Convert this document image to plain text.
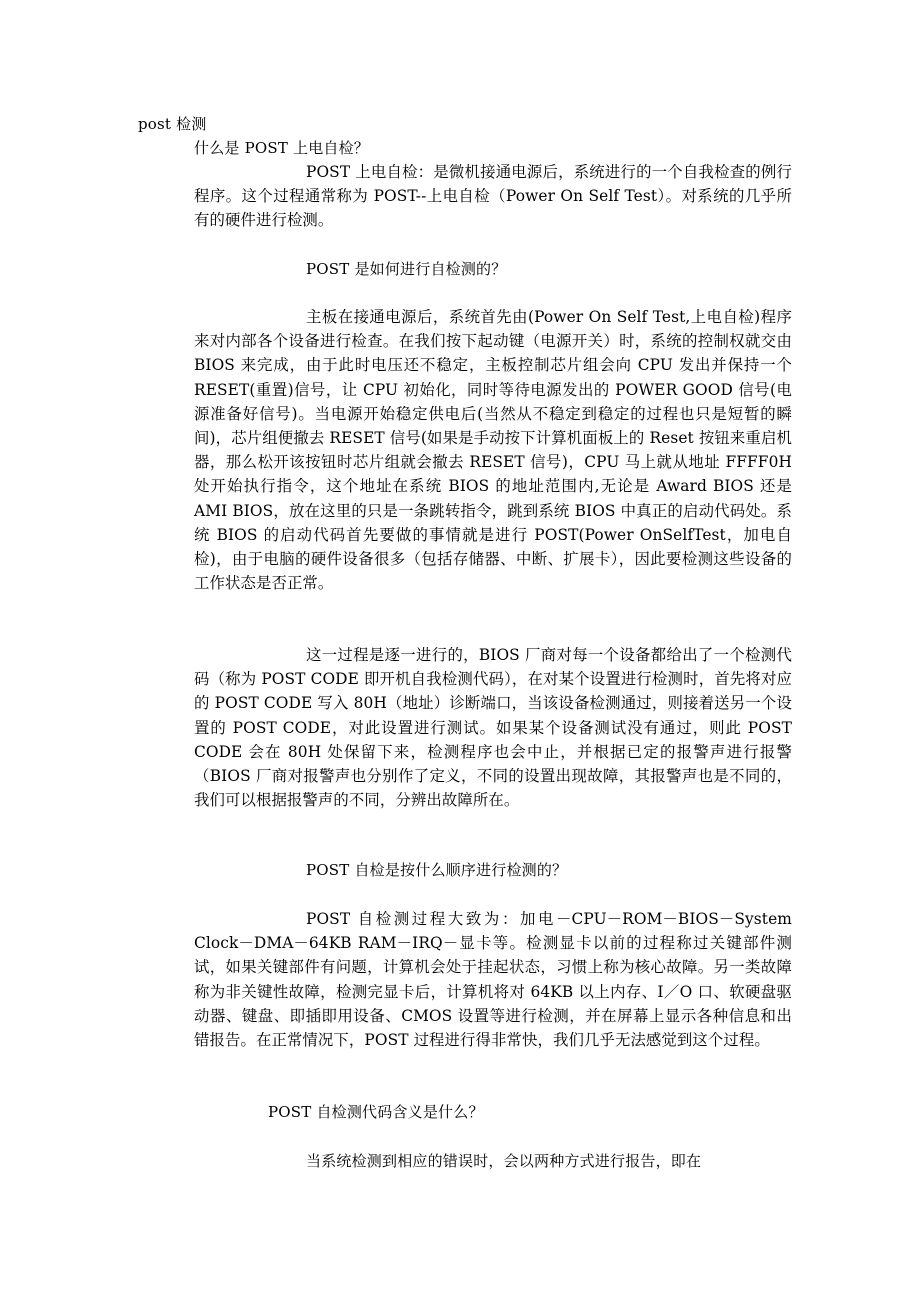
post 检测
什么是 POST 上电自检？
POST 上电自检：是微机接通电源后，系统进行的一个自我检查的例行程序。这个过程通常称为 POST--上电自检（Power On Self Test）。对系统的几乎所有的硬件进行检测。
POST 是如何进行自检测的？
主板在接通电源后，系统首先由(Power On Self Test,上电自检)程序来对内部各个设备进行检查。在我们按下起动键（电源开关）时，系统的控制权就交由 BIOS 来完成，由于此时电压还不稳定，主板控制芯片组会向 CPU 发出并保持一个 RESET(重置)信号，让 CPU 初始化，同时等待电源发出的 POWER GOOD 信号(电源准备好信号)。当电源开始稳定供电后(当然从不稳定到稳定的过程也只是短暂的瞬间)，芯片组便撤去 RESET 信号(如果是手动按下计算机面板上的 Reset 按钮来重启机器，那么松开该按钮时芯片组就会撤去 RESET 信号)，CPU 马上就从地址 FFFF0H 处开始执行指令，这个地址在系统 BIOS 的地址范围内,无论是 Award BIOS 还是 AMI BIOS，放在这里的只是一条跳转指令，跳到系统 BIOS 中真正的启动代码处。系统 BIOS 的启动代码首先要做的事情就是进行 POST(Power OnSelfTest，加电自检)，由于电脑的硬件设备很多（包括存储器、中断、扩展卡），因此要检测这些设备的工作状态是否正常。
这一过程是逐一进行的，BIOS 厂商对每一个设备都给出了一个检测代码（称为 POST CODE 即开机自我检测代码），在对某个设置进行检测时，首先将对应的 POST CODE 写入 80H（地址）诊断端口，当该设备检测通过，则接着送另一个设置的 POST CODE，对此设置进行测试。如果某个设备测试没有通过，则此 POST CODE 会在 80H 处保留下来，检测程序也会中止，并根据已定的报警声进行报警（BIOS 厂商对报警声也分别作了定义，不同的设置出现故障，其报警声也是不同的，我们可以根据报警声的不同，分辨出故障所在。
POST 自检是按什么顺序进行检测的？
POST 自检测过程大致为：加电－CPU－ROM－BIOS－System Clock－DMA－64KB RAM－IRQ－显卡等。检测显卡以前的过程称过关键部件测试，如果关键部件有问题，计算机会处于挂起状态，习惯上称为核心故障。另一类故障称为非关键性故障，检测完显卡后，计算机将对 64KB 以上内存、I／O 口、软硬盘驱动器、键盘、即插即用设备、CMOS 设置等进行检测，并在屏幕上显示各种信息和出错报告。在正常情况下，POST 过程进行得非常快，我们几乎无法感觉到这个过程。
POST 自检测代码含义是什么？
当系统检测到相应的错误时，会以两种方式进行报告，即在
